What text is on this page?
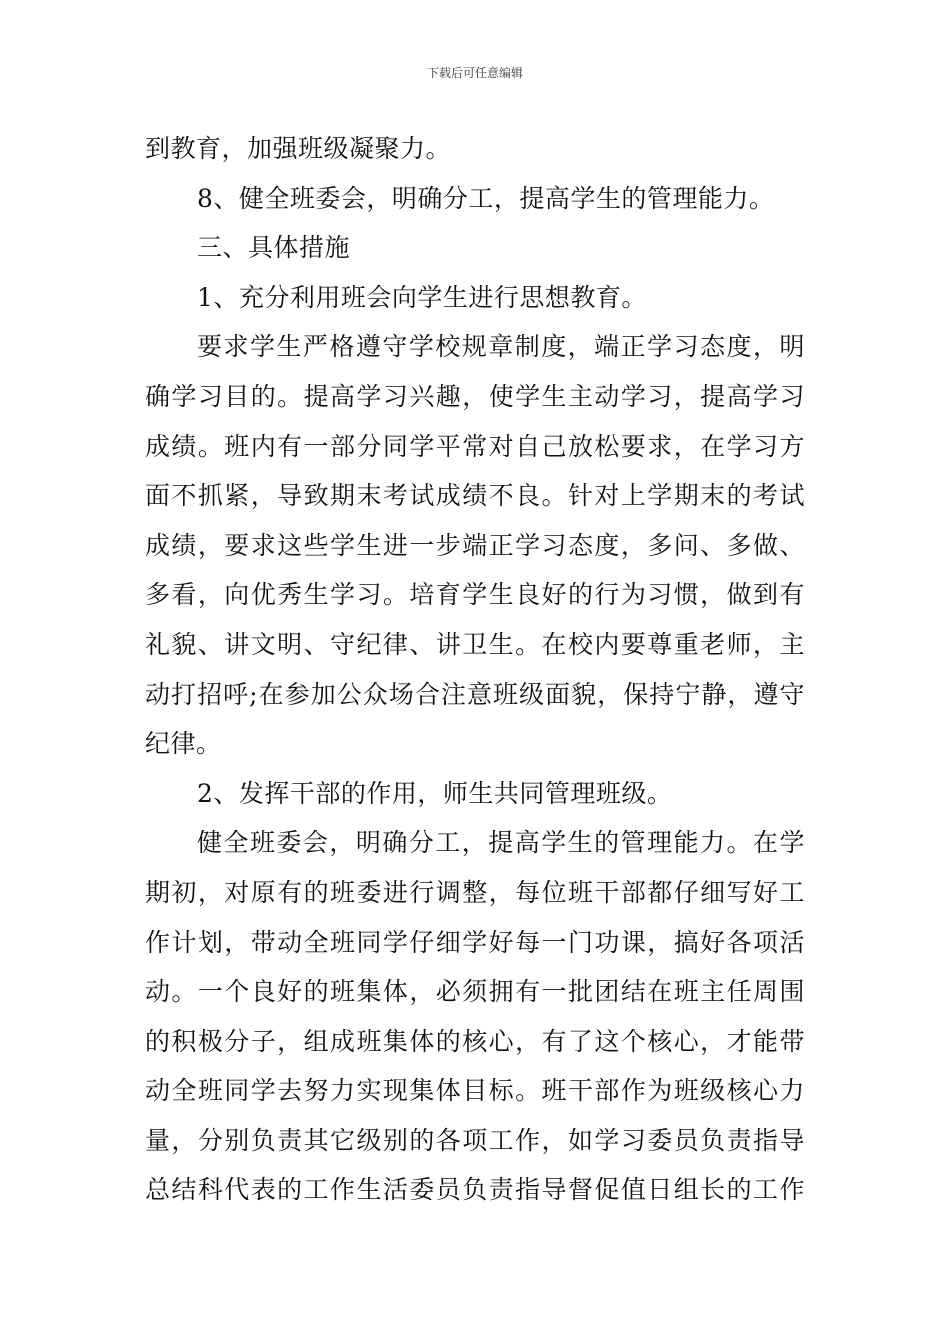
下载后可任意编辑
到教育，加强班级凝聚力。
8、健全班委会，明确分工，提高学生的管理能力。
三、具体措施
1、充分利用班会向学生进行思想教育。
要求学生严格遵守学校规章制度，端正学习态度，明
确学习目的。提高学习兴趣，使学生主动学习，提高学习
成绩。班内有一部分同学平常对自己放松要求，在学习方
面不抓紧，导致期末考试成绩不良。针对上学期末的考试
成绩，要求这些学生进一步端正学习态度，多问、多做、
多看，向优秀生学习。培育学生良好的行为习惯，做到有
礼貌、讲文明、守纪律、讲卫生。在校内要尊重老师，主
动打招呼;在参加公众场合注意班级面貌，保持宁静，遵守
纪律。
2、发挥干部的作用，师生共同管理班级。
健全班委会，明确分工，提高学生的管理能力。在学
期初，对原有的班委进行调整，每位班干部都仔细写好工
作计划，带动全班同学仔细学好每一门功课，搞好各项活
动。一个良好的班集体，必须拥有一批团结在班主任周围
的积极分子，组成班集体的核心，有了这个核心，才能带
动全班同学去努力实现集体目标。班干部作为班级核心力
量，分别负责其它级别的各项工作，如学习委员负责指导
总结科代表的工作生活委员负责指导督促值日组长的工作
